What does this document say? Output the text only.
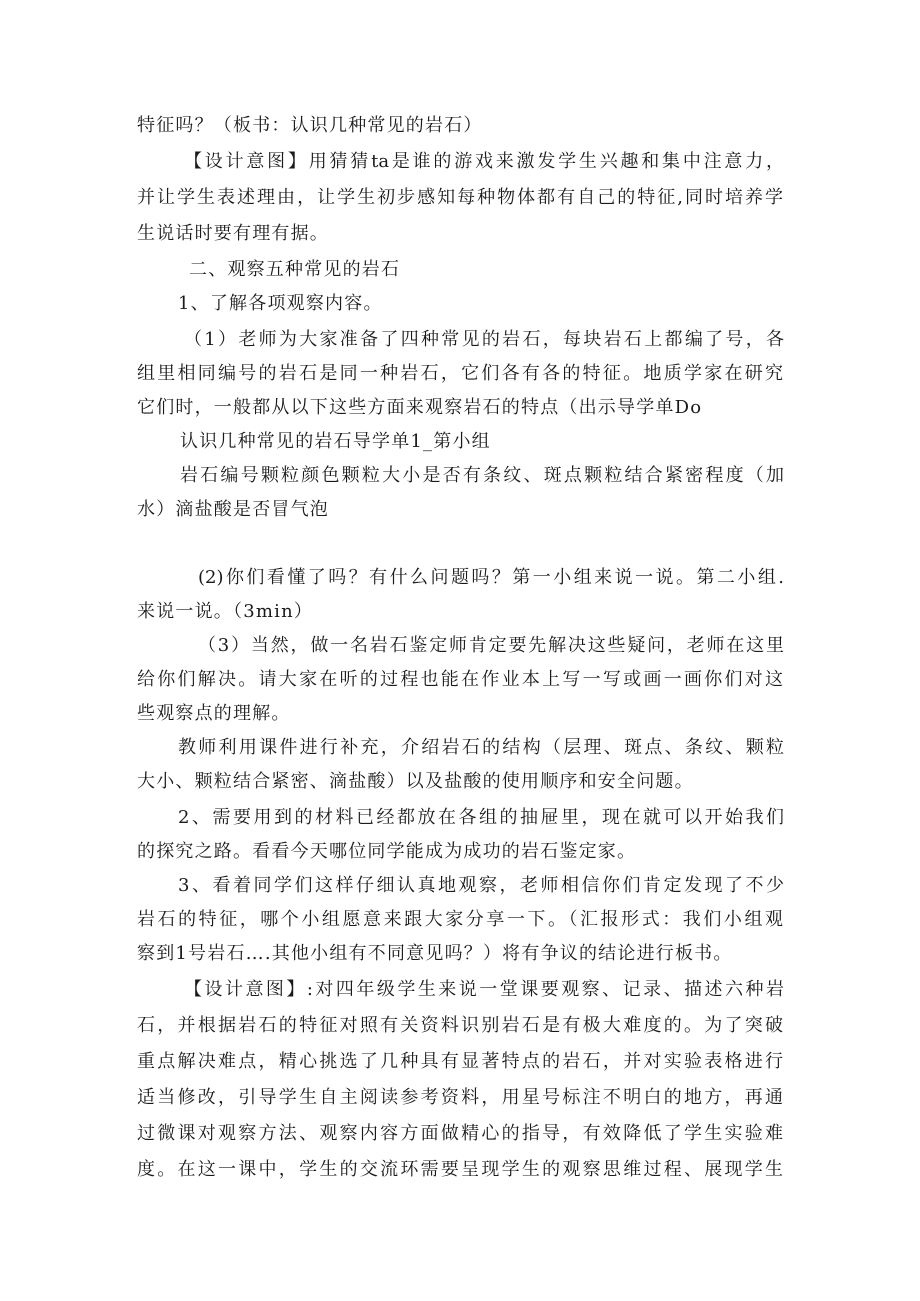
特征吗？（板书：认识几种常见的岩石）
【设计意图】用猜猜ta是谁的游戏来激发学生兴趣和集中注意力，
并让学生表述理由，让学生初步感知每种物体都有自己的特征,同时培养学
生说话时要有理有据。
二、观察五种常见的岩石
1、了解各项观察内容。
（1）老师为大家准备了四种常见的岩石，每块岩石上都编了号，各
组里相同编号的岩石是同一种岩石，它们各有各的特征。地质学家在研究
它们时，一般都从以下这些方面来观察岩石的特点（出示导学单Do
认识几种常见的岩石导学单1_第小组
岩石编号颗粒颜色颗粒大小是否有条纹、斑点颗粒结合紧密程度（加
水）滴盐酸是否冒气泡
(2)你们看懂了吗？有什么问题吗？第一小组来说一说。第二小组.
来说一说。（3min）
（3）当然，做一名岩石鉴定师肯定要先解决这些疑问，老师在这里
给你们解决。请大家在听的过程也能在作业本上写一写或画一画你们对这
些观察点的理解。
教师利用课件进行补充，介绍岩石的结构（层理、斑点、条纹、颗粒
大小、颗粒结合紧密、滴盐酸）以及盐酸的使用顺序和安全问题。
2、需要用到的材料已经都放在各组的抽屉里，现在就可以开始我们
的探究之路。看看今天哪位同学能成为成功的岩石鉴定家。
3、看着同学们这样仔细认真地观察，老师相信你们肯定发现了不少
岩石的特征，哪个小组愿意来跟大家分享一下。（汇报形式：我们小组观
察到1号岩石….其他小组有不同意见吗？）将有争议的结论进行板书。
【设计意图】:对四年级学生来说一堂课要观察、记录、描述六种岩
石，并根据岩石的特征对照有关资料识别岩石是有极大难度的。为了突破
重点解决难点，精心挑选了几种具有显著特点的岩石，并对实验表格进行
适当修改，引导学生自主阅读参考资料，用星号标注不明白的地方，再通
过微课对观察方法、观察内容方面做精心的指导，有效降低了学生实验难
度。在这一课中，学生的交流环需要呈现学生的观察思维过程、展现学生
